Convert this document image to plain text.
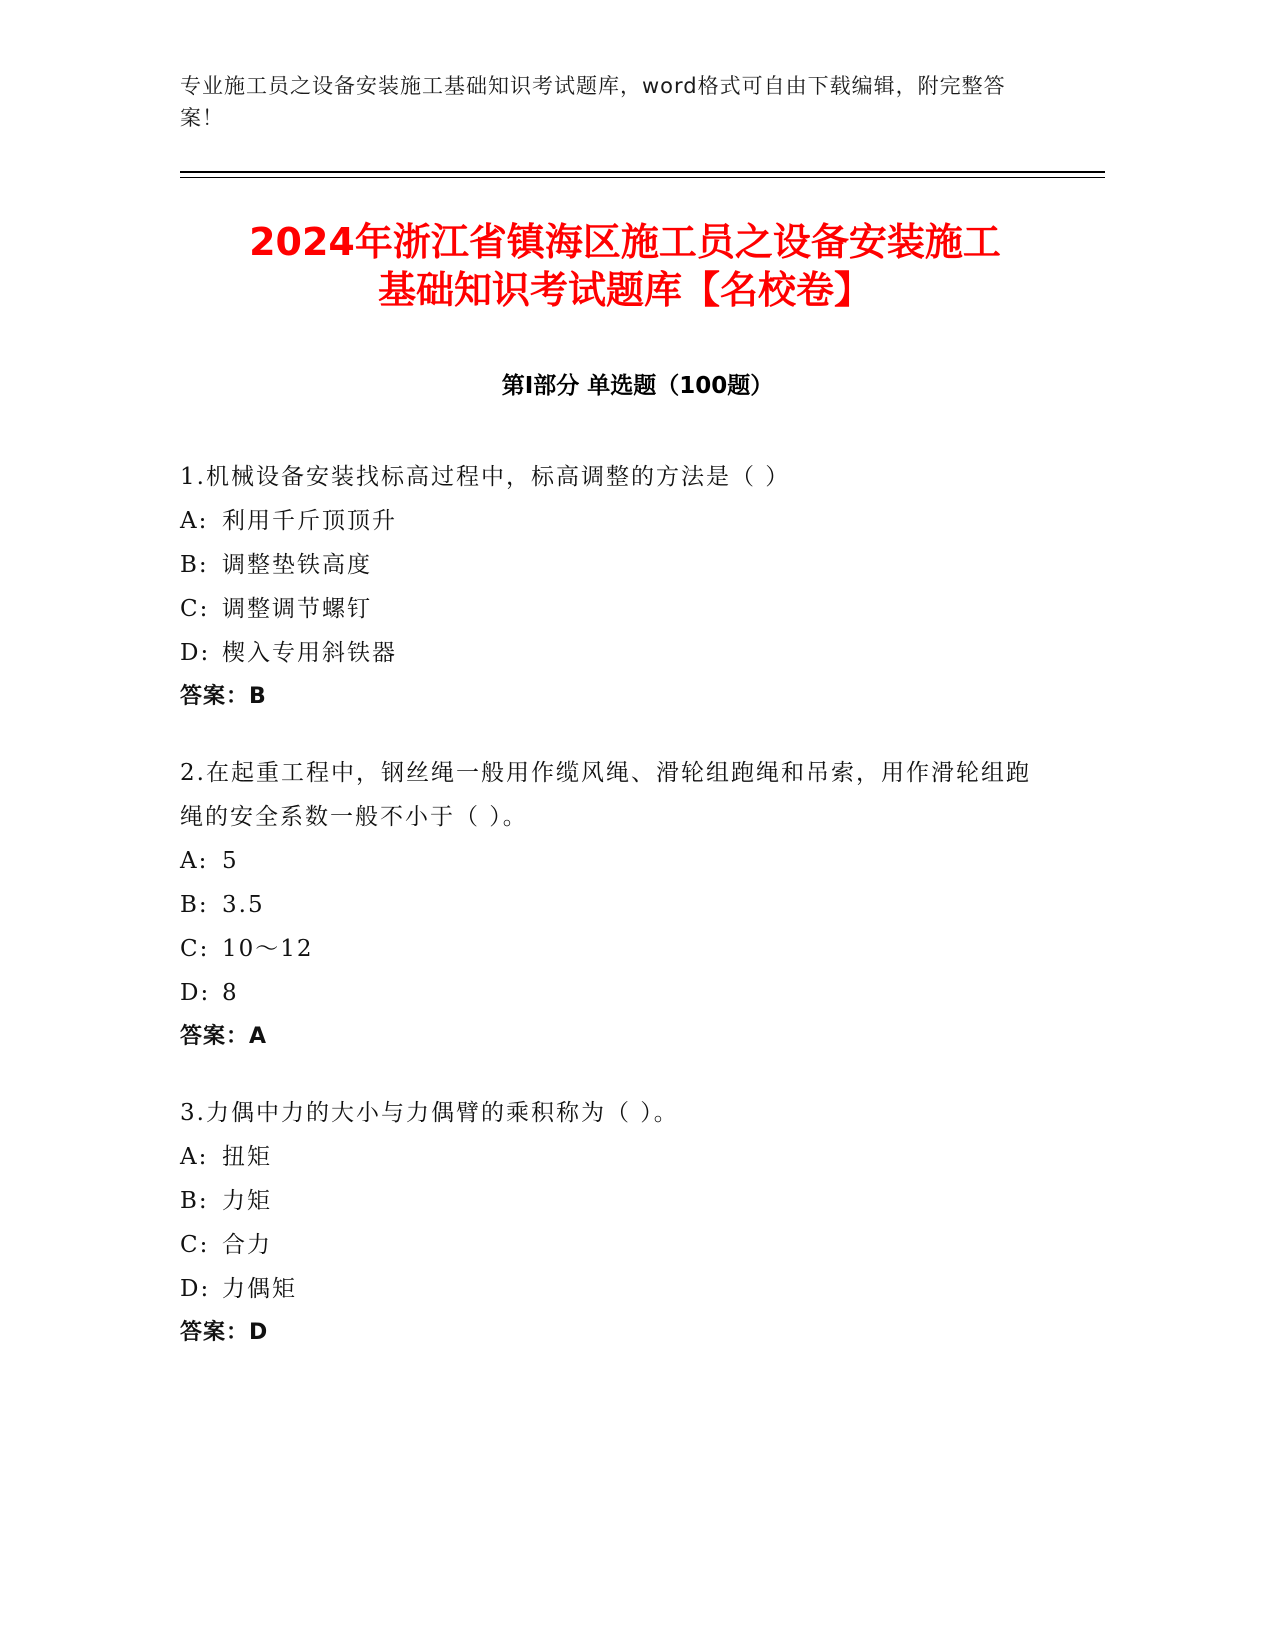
专业施工员之设备安装施工基础知识考试题库，word格式可自由下载编辑，附完整答案！
2024年浙江省镇海区施工员之设备安装施工
基础知识考试题库【名校卷】
第Ⅰ部分 单选题（100题）
1.机械设备安装找标高过程中，标高调整的方法是（ ）
A: 利用千斤顶顶升
B: 调整垫铁高度
C: 调整调节螺钉
D: 楔入专用斜铁器
答案：B
2.在起重工程中，钢丝绳一般用作缆风绳、滑轮组跑绳和吊索，用作滑轮组跑绳的安全系数一般不小于（ ）。
A: 5
B: 3.5
C: 10～12
D: 8
答案：A
3.力偶中力的大小与力偶臂的乘积称为（ ）。
A: 扭矩
B: 力矩
C: 合力
D: 力偶矩
答案：D
